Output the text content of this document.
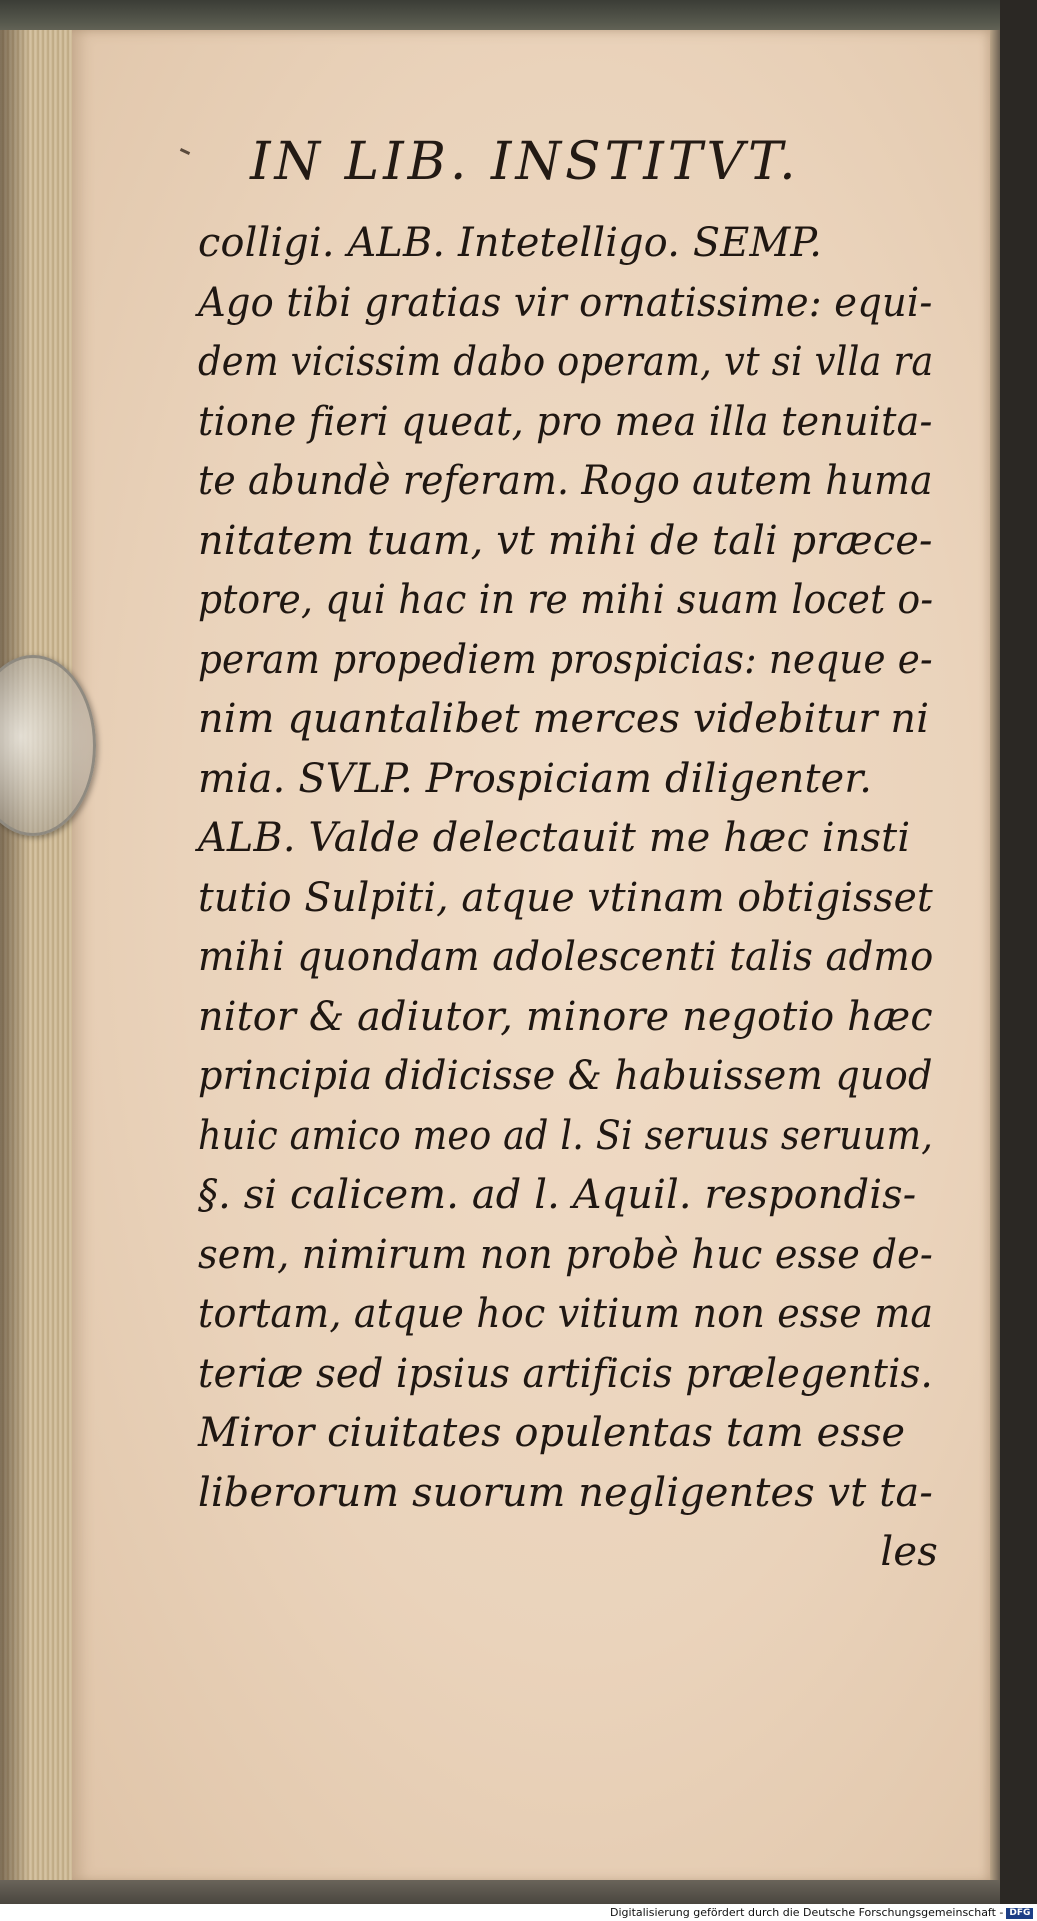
IN LIB. INSTITVT.
colligi. ALB. Intetelligo. SEMP.
Ago tibi gratias vir ornatissime: equi-
dem vicissim dabo operam, vt si vlla ra
tione fieri queat, pro mea illa tenuita-
te abundè referam. Rogo autem huma
nitatem tuam, vt mihi de tali præce-
ptore, qui hac in re mihi suam locet o-
peram propediem prospicias: neque e-
nim quantalibet merces videbitur ni
mia. SVLP. Prospiciam diligenter.
ALB. Valde delectauit me hæc insti
tutio Sulpiti, atque vtinam obtigisset
mihi quondam adolescenti talis admo
nitor & adiutor, minore negotio hæc
principia didicisse & habuissem quod
huic amico meo ad l. Si seruus seruum,
§. si calicem. ad l. Aquil. respondis-
sem, nimirum non probè huc esse de-
tortam, atque hoc vitium non esse ma
teriæ sed ipsius artificis prælegentis.
Miror ciuitates opulentas tam esse
liberorum suorum negligentes vt ta-
les
Digitalisierung gefördert durch die Deutsche Forschungsgemeinschaft - DFG
